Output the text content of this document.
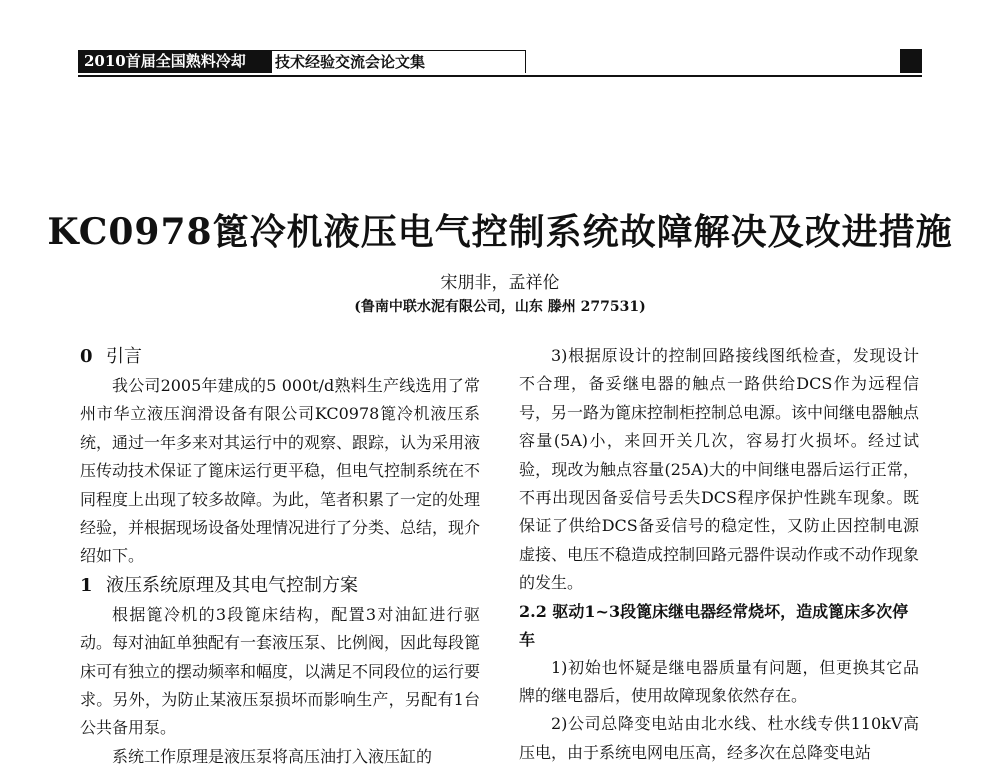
2010首届全国熟料冷却	技术经验交流会论文集
KC0978篦冷机液压电气控制系统故障解决及改进措施
宋朋非，孟祥伦
(鲁南中联水泥有限公司，山东 滕州 277531)
0 引言

我公司2005年建成的5 000t/d熟料生产线选用了常州市华立液压润滑设备有限公司KC0978篦冷机液压系统，通过一年多来对其运行中的观察、跟踪，认为采用液压传动技术保证了篦床运行更平稳，但电气控制系统在不同程度上出现了较多故障。为此，笔者积累了一定的处理经验，并根据现场设备处理情况进行了分类、总结，现介绍如下。

1 液压系统原理及其电气控制方案

根据篦冷机的3段篦床结构，配置3对油缸进行驱动。每对油缸单独配有一套液压泵、比例阀，因此每段篦床可有独立的摆动频率和幅度，以满足不同段位的运行要求。另外，为防止某液压泵损坏而影响生产，另配有1台公共备用泵。

系统工作原理是液压泵将高压油打入液压缸的

3)根据原设计的控制回路接线图纸检查，发现设计不合理，备妥继电器的触点一路供给DCS作为远程信号，另一路为篦床控制柜控制总电源。该中间继电器触点容量(5A)小，来回开关几次，容易打火损坏。经过试验，现改为触点容量(25A)大的中间继电器后运行正常，不再出现因备妥信号丢失DCS程序保护性跳车现象。既保证了供给DCS备妥信号的稳定性，又防止因控制电源虚接、电压不稳造成控制回路元器件误动作或不动作现象的发生。

2.2 驱动1~3段篦床继电器经常烧坏，造成篦床多次停车

1)初始也怀疑是继电器质量有问题，但更换其它品牌的继电器后，使用故障现象依然存在。

2)公司总降变电站由北水线、杜水线专供110kV高压电，由于系统电网电压高，经多次在总降变电站
